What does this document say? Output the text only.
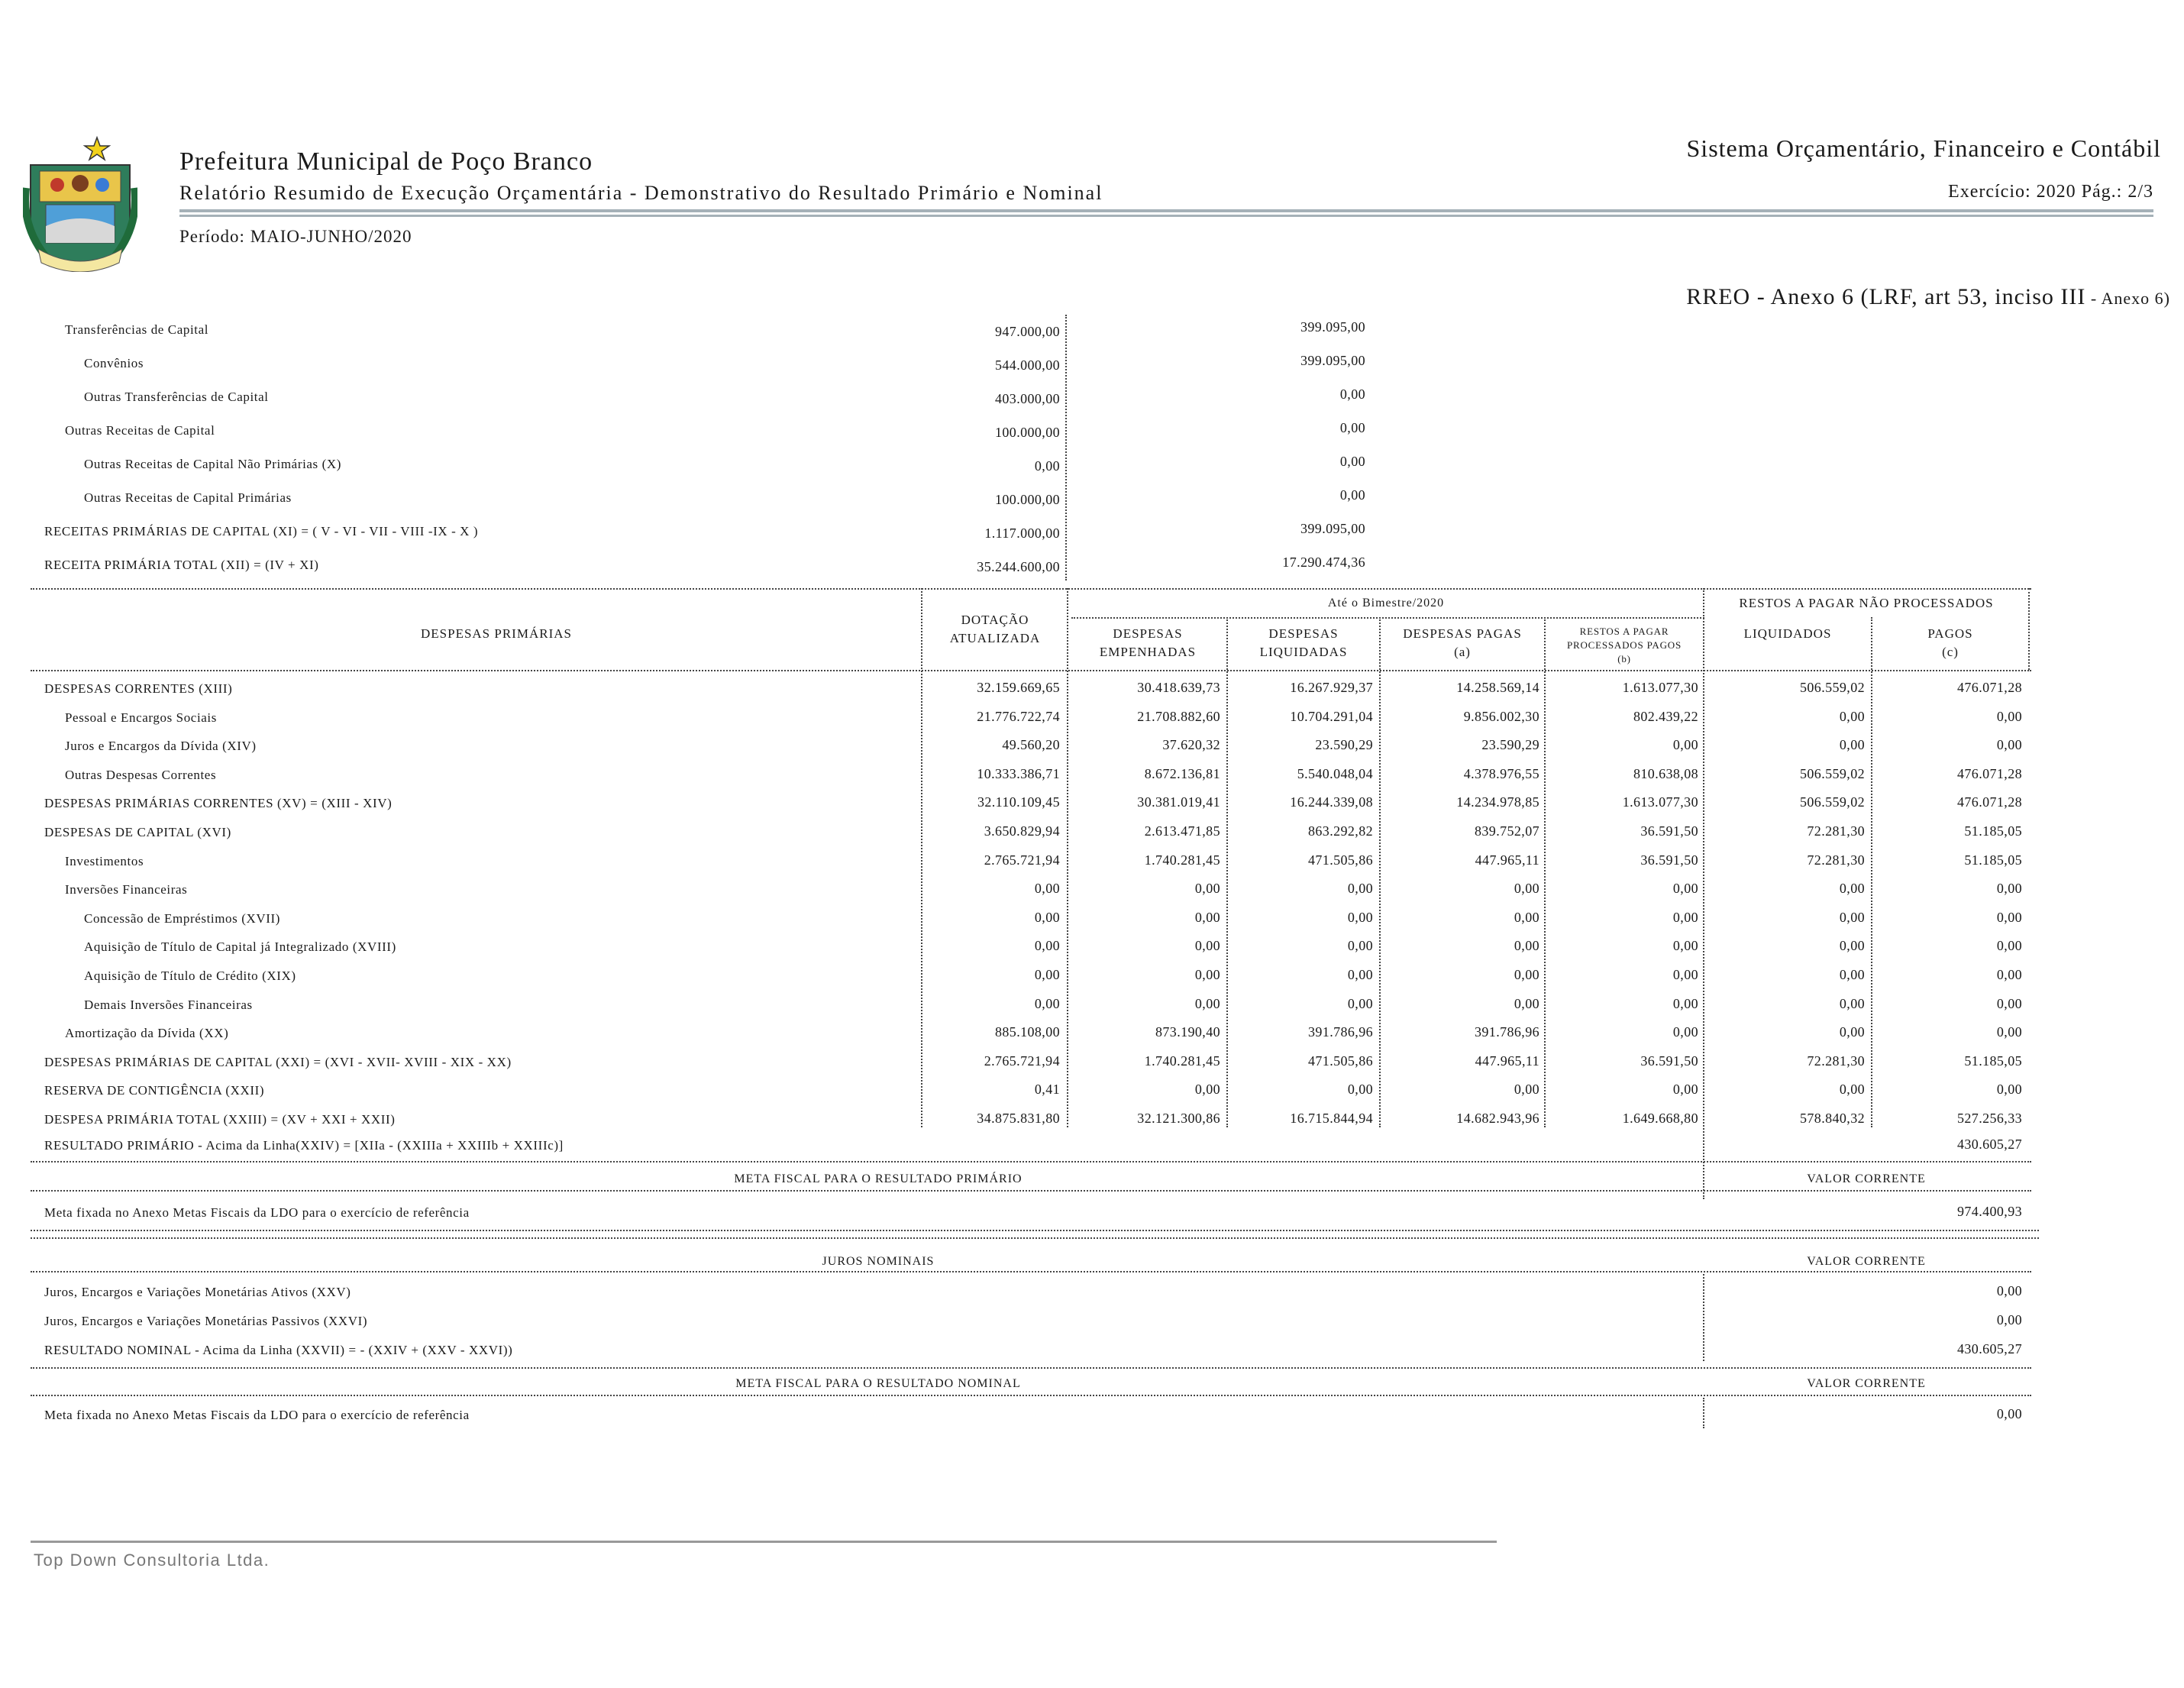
Prefeitura Municipal de Poço Branco
Relatório Resumido de Execução Orçamentária - Demonstrativo do Resultado Primário e Nominal
Período: MAIO-JUNHO/2020
Sistema Orçamentário, Financeiro e Contábil
Exercício: 2020 Pág.: 2/3
RREO - Anexo 6 (LRF, art 53, inciso III - Anexo 6)
Transferências de Capital	947.000,00	399.095,00
Convênios	544.000,00	399.095,00
Outras Transferências de Capital	403.000,00	0,00
Outras Receitas de Capital	100.000,00	0,00
Outras Receitas de Capital Não Primárias (X)	0,00	0,00
Outras Receitas de Capital Primárias	100.000,00	0,00
RECEITAS PRIMÁRIAS DE CAPITAL (XI) = ( V - VI - VII - VIII -IX - X )	1.117.000,00	399.095,00
RECEITA PRIMÁRIA TOTAL (XII) = (IV + XI)	35.244.600,00	17.290.474,36
DESPESAS PRIMÁRIAS
DOTAÇÃO
ATUALIZADA
Até o Bimestre/2020	RESTOS A PAGAR NÃO PROCESSADOS
DESPESAS
EMPENHADAS
DESPESAS
LIQUIDADAS
DESPESAS PAGAS
(a)
RESTOS A PAGAR
PROCESSADOS PAGOS
(b)
LIQUIDADOS	PAGOS
(c)
DESPESAS CORRENTES (XIII)	32.159.669,65	30.418.639,73	16.267.929,37	14.258.569,14	1.613.077,30	506.559,02	476.071,28
Pessoal e Encargos Sociais	21.776.722,74	21.708.882,60	10.704.291,04	9.856.002,30	802.439,22	0,00	0,00
Juros e Encargos da Dívida (XIV)	49.560,20	37.620,32	23.590,29	23.590,29	0,00	0,00	0,00
Outras Despesas Correntes	10.333.386,71	8.672.136,81	5.540.048,04	4.378.976,55	810.638,08	506.559,02	476.071,28
DESPESAS PRIMÁRIAS CORRENTES (XV) = (XIII - XIV)	32.110.109,45	30.381.019,41	16.244.339,08	14.234.978,85	1.613.077,30	506.559,02	476.071,28
DESPESAS DE CAPITAL (XVI)	3.650.829,94	2.613.471,85	863.292,82	839.752,07	36.591,50	72.281,30	51.185,05
Investimentos	2.765.721,94	1.740.281,45	471.505,86	447.965,11	36.591,50	72.281,30	51.185,05
Inversões Financeiras	0,00	0,00	0,00	0,00	0,00	0,00	0,00
Concessão de Empréstimos (XVII)	0,00	0,00	0,00	0,00	0,00	0,00	0,00
Aquisição de Título de Capital já Integralizado (XVIII)	0,00	0,00	0,00	0,00	0,00	0,00	0,00
Aquisição de Título de Crédito (XIX)	0,00	0,00	0,00	0,00	0,00	0,00	0,00
Demais Inversões Financeiras	0,00	0,00	0,00	0,00	0,00	0,00	0,00
Amortização da Dívida (XX)	885.108,00	873.190,40	391.786,96	391.786,96	0,00	0,00	0,00
DESPESAS PRIMÁRIAS DE CAPITAL (XXI) = (XVI - XVII- XVIII - XIX - XX)	2.765.721,94	1.740.281,45	471.505,86	447.965,11	36.591,50	72.281,30	51.185,05
RESERVA DE CONTIGÊNCIA (XXII)	0,41	0,00	0,00	0,00	0,00	0,00	0,00
DESPESA PRIMÁRIA TOTAL (XXIII) = (XV + XXI + XXII)	34.875.831,80	32.121.300,86	16.715.844,94	14.682.943,96	1.649.668,80	578.840,32	527.256,33
RESULTADO PRIMÁRIO - Acima da Linha(XXIV) = [XIIa - (XXIIIa + XXIIIb + XXIIIc)]	430.605,27
META FISCAL PARA O RESULTADO PRIMÁRIO	VALOR CORRENTE
Meta fixada no Anexo Metas Fiscais da LDO para o exercício de referência	974.400,93
JUROS NOMINAIS	VALOR CORRENTE
Juros, Encargos e Variações Monetárias Ativos (XXV)	0,00
Juros, Encargos e Variações Monetárias Passivos (XXVI)	0,00
RESULTADO NOMINAL - Acima da Linha (XXVII) = - (XXIV + (XXV - XXVI))	430.605,27
META FISCAL PARA O RESULTADO NOMINAL	VALOR CORRENTE
Meta fixada no Anexo Metas Fiscais da LDO para o exercício de referência	0,00
Top Down Consultoria Ltda.
